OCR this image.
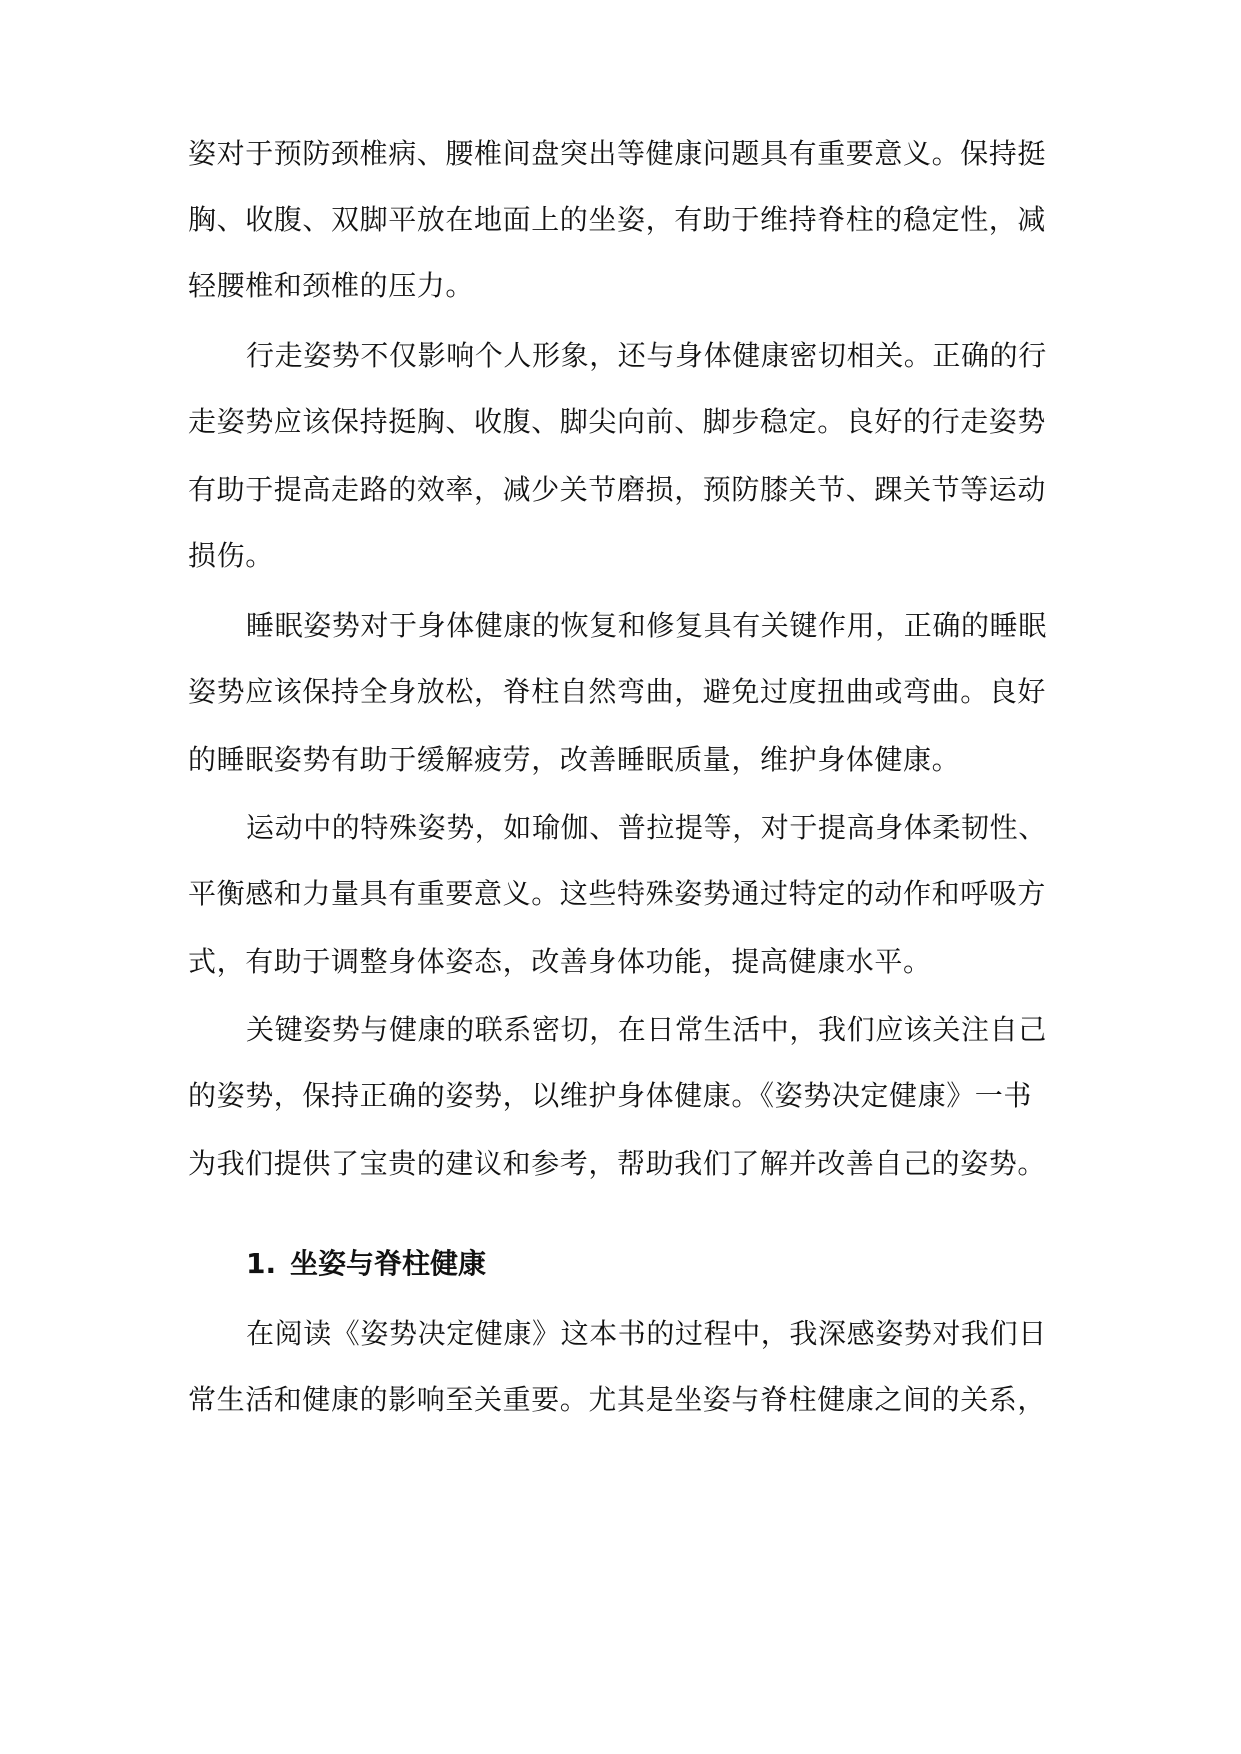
姿对于预防颈椎病、腰椎间盘突出等健康问题具有重要意义。保持挺
胸、收腹、双脚平放在地面上的坐姿，有助于维持脊柱的稳定性，减
轻腰椎和颈椎的压力。
行走姿势不仅影响个人形象，还与身体健康密切相关。正确的行
走姿势应该保持挺胸、收腹、脚尖向前、脚步稳定。良好的行走姿势
有助于提高走路的效率，减少关节磨损，预防膝关节、踝关节等运动
损伤。
睡眠姿势对于身体健康的恢复和修复具有关键作用，正确的睡眠
姿势应该保持全身放松，脊柱自然弯曲，避免过度扭曲或弯曲。良好
的睡眠姿势有助于缓解疲劳，改善睡眠质量，维护身体健康。
运动中的特殊姿势，如瑜伽、普拉提等，对于提高身体柔韧性、
平衡感和力量具有重要意义。这些特殊姿势通过特定的动作和呼吸方
式，有助于调整身体姿态，改善身体功能，提高健康水平。
关键姿势与健康的联系密切，在日常生活中，我们应该关注自己
的姿势，保持正确的姿势，以维护身体健康。《姿势决定健康》一书
为我们提供了宝贵的建议和参考，帮助我们了解并改善自己的姿势。
1. 坐姿与脊柱健康
在阅读《姿势决定健康》这本书的过程中，我深感姿势对我们日
常生活和健康的影响至关重要。尤其是坐姿与脊柱健康之间的关系，
